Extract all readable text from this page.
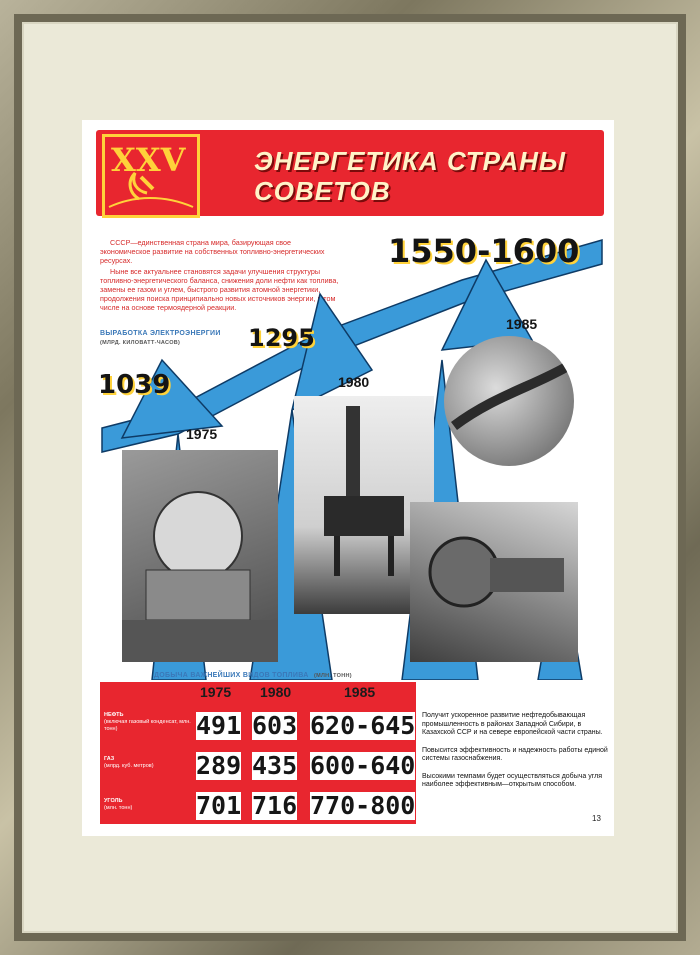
XXV	ЭНЕРГЕТИКА СТРАНЫ
СОВЕТОВ

СССР—единственная страна мира, базирующая свое экономическое развитие на собственных топливно-энергетических ресурсах.

Ныне все актуальнее становятся задачи улучшения структуры топливно-энергетического баланса, снижения доли нефти как топлива, замены ее газом и углем, быстрого развития атомной энергетики, продолжения поиска принципиально новых источников энергии, в том числе на основе термоядерной реакции.

ВЫРАБОТКА ЭЛЕКТРОЭНЕРГИИ
(МЛРД. КИЛОВАТТ-ЧАСОВ)
1039
1295
1550-1600
1975
1980
1985
ДОБЫЧА ВАЖНЕЙШИХ ВИДОВ ТОПЛИВА (МЛН. ТОНН)
1975 1980	1985
НЕФТЬ
(включая газовый конденсат, млн. тонн)
ГАЗ
(млрд. куб. метров)
УГОЛЬ
(млн. тонн)
491 603 620-645
289 435 600-640
701 716 770-800

Получит ускоренное развитие нефтедобывающая промышленность в районах Западной Сибири, в Казахской ССР и на севере европейской части страны.

Повысится эффективность и надежность работы единой системы газоснабжения.

Высокими темпами будет осуществляться добыча угля наиболее эффективным—открытым способом.

13
